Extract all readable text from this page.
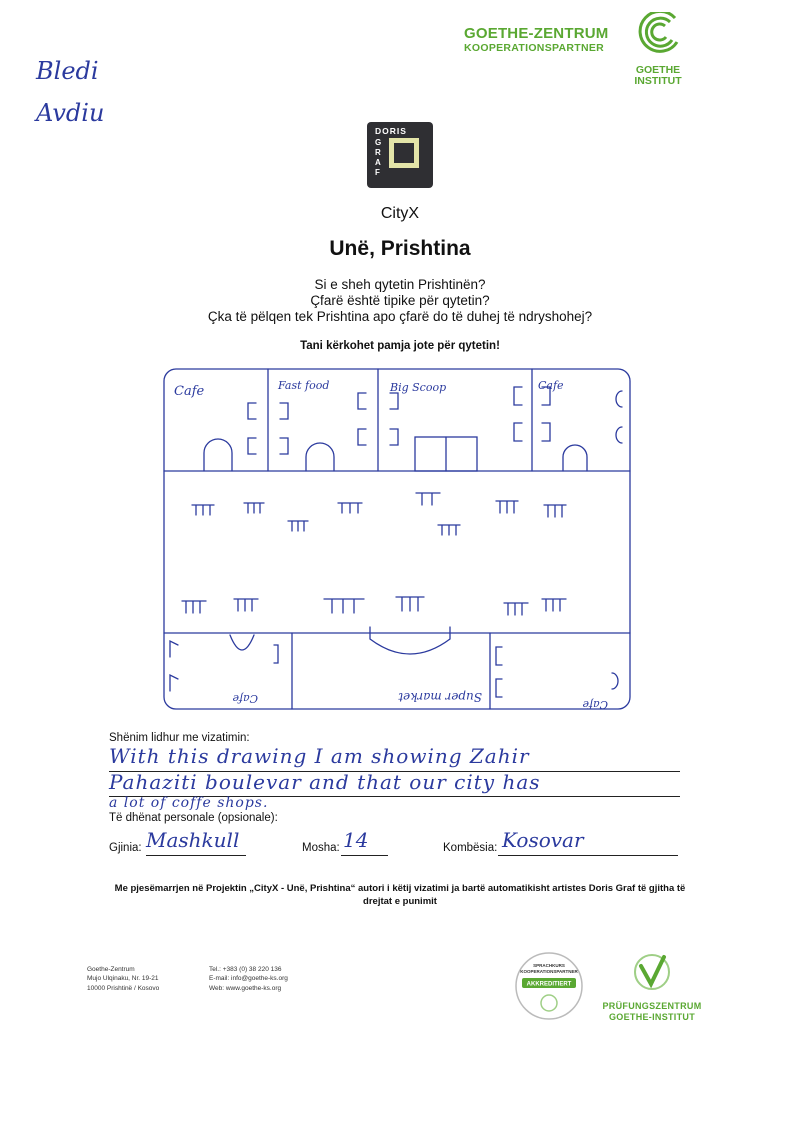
Bledi
Avdiu
GOETHE-ZENTRUM
KOOPERATIONSPARTNER
GOETHE
INSTITUT
DORIS
GRAF
CityX
Unë, Prishtina
Si e sheh qytetin Prishtinën?
Çfarë është tipike për qytetin?
Çka të pëlqen tek Prishtina apo çfarë do të duhej të ndryshohej?
Tani kërkohet pamja jote për qytetin!
Cafe	Fast food	Big Scoop	Cafe
Cafe	Super market
Cafe
Shënim lidhur me vizatimin:
With this drawing I am showing Zahir
Pahaziti boulevar and that our city has
a lot of coffe shops.
Të dhënat personale (opsionale):
Gjinia: Mashkull	Mosha: 14	Kombësia: Kosovar
Me pjesëmarrjen në Projektin „CityX - Unë, Prishtina“ autori i këtij vizatimi ja bartë automatikisht artistes Doris Graf të gjitha të drejtat e punimit
Goethe-Zentrum
Mujo Ulqinaku, Nr. 19-21
10000 Prishtinë / Kosovo
Tel.: +383 (0) 38 220 136
E-mail: info@goethe-ks.org
Web: www.goethe-ks.org
SPRACHKURS
KOOPERATIONSPARTNER
AKKREDITIERT
PRÜFUNGSZENTRUM
GOETHE-INSTITUT
